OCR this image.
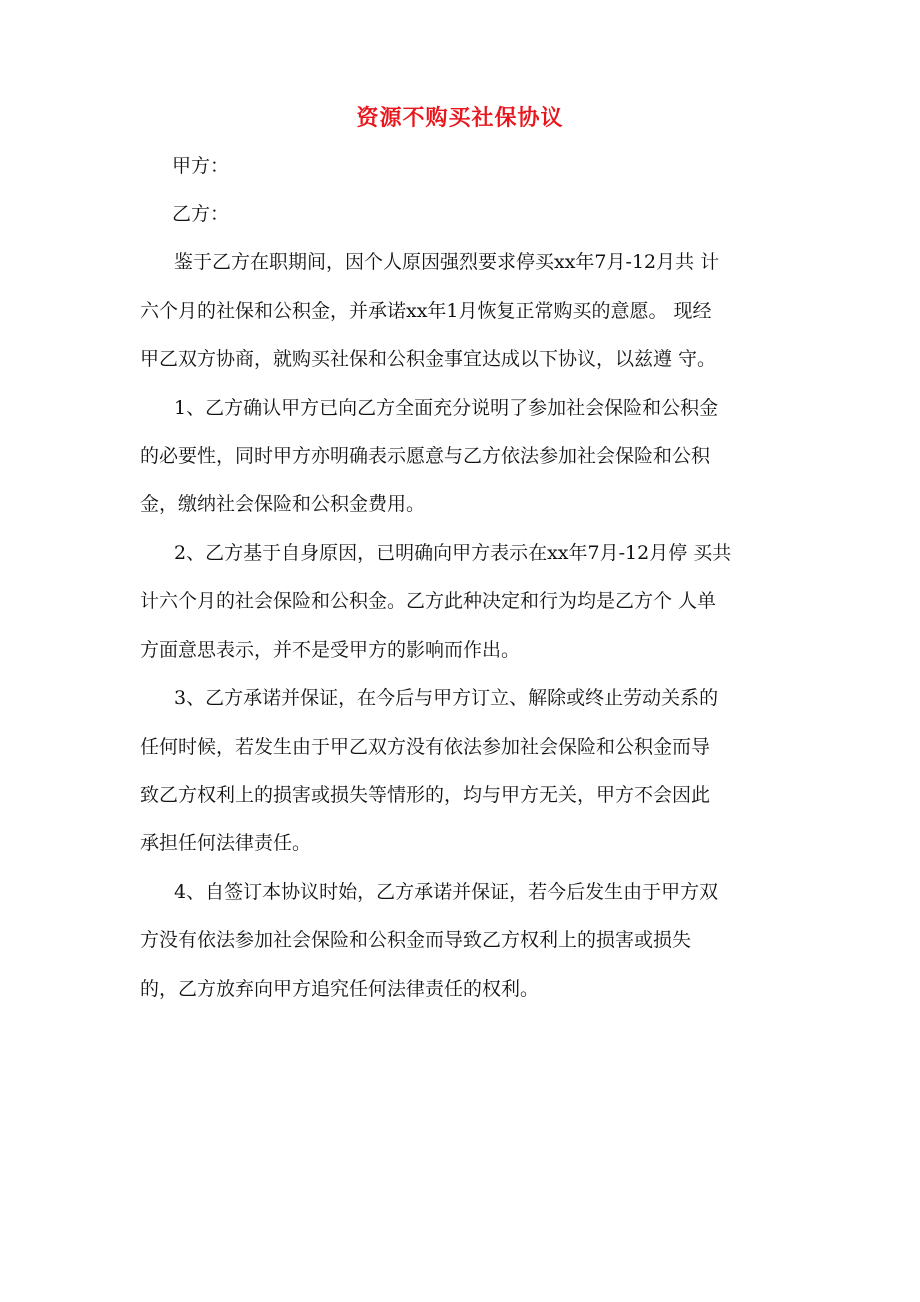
资源不购买社保协议
甲方：
乙方：
鉴于乙方在职期间，因个人原因强烈要求停买xx年7月-12月共 计
六个月的社保和公积金，并承诺xx年1月恢复正常购买的意愿。 现经
甲乙双方协商，就购买社保和公积金事宜达成以下协议，以兹遵 守。
1、乙方确认甲方已向乙方全面充分说明了参加社会保险和公积金
的必要性，同时甲方亦明确表示愿意与乙方依法参加社会保险和公积
金，缴纳社会保险和公积金费用。
2、乙方基于自身原因，已明确向甲方表示在xx年7月-12月停 买共
计六个月的社会保险和公积金。乙方此种决定和行为均是乙方个 人单
方面意思表示，并不是受甲方的影响而作出。
3、乙方承诺并保证，在今后与甲方订立、解除或终止劳动关系的
任何时候，若发生由于甲乙双方没有依法参加社会保险和公积金而导
致乙方权利上的损害或损失等情形的，均与甲方无关，甲方不会因此
承担任何法律责任。
4、自签订本协议时始，乙方承诺并保证，若今后发生由于甲方双
方没有依法参加社会保险和公积金而导致乙方权利上的损害或损失
的，乙方放弃向甲方追究任何法律责任的权利。
